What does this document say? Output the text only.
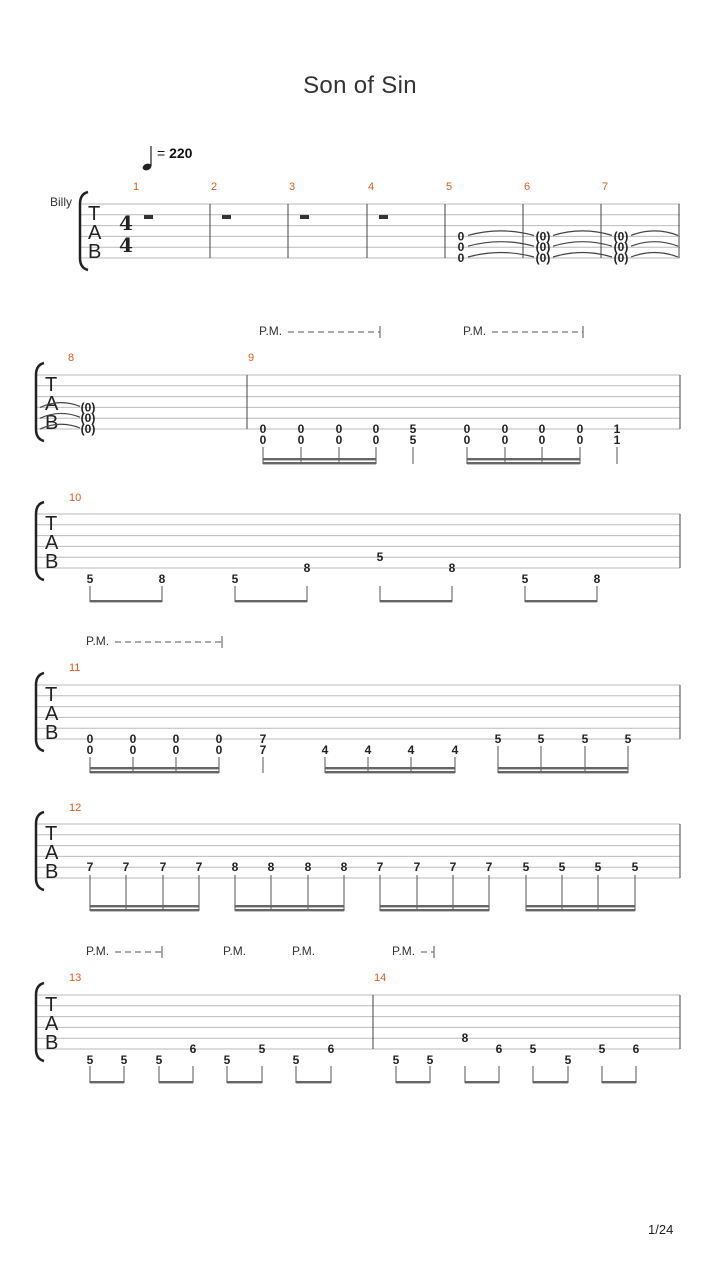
Son of Sin
= 220
Billy
1/24
T
A
B
4
4
1	2	3	4	5	6	7
0	(0)	(0)
0	(0)	(0)
0	(0)	(0)
T
A
B
8	9
(0)
(0)
(0)
P.M.	P.M.
0
0
0
0
0
0
0
0
5
5
0
0
0
0
0
0
0
0
1
1
T
A
B
10
5	8	5
8
5
8
5	8
T
A
B
11
P.M.
0
0
0
0
0
0
0
0
7
7	4	4	4	4
5	5	5	5
T
A
B
12
7 7	7 7 8 8	8 8 7	7 7 7	5 5 5	5
T
A
B
13	14
P.M.	P.M.	P.M.	P.M.
5 5 5
6
5
5
5
6
5 5
8
6 5
5
5 6
